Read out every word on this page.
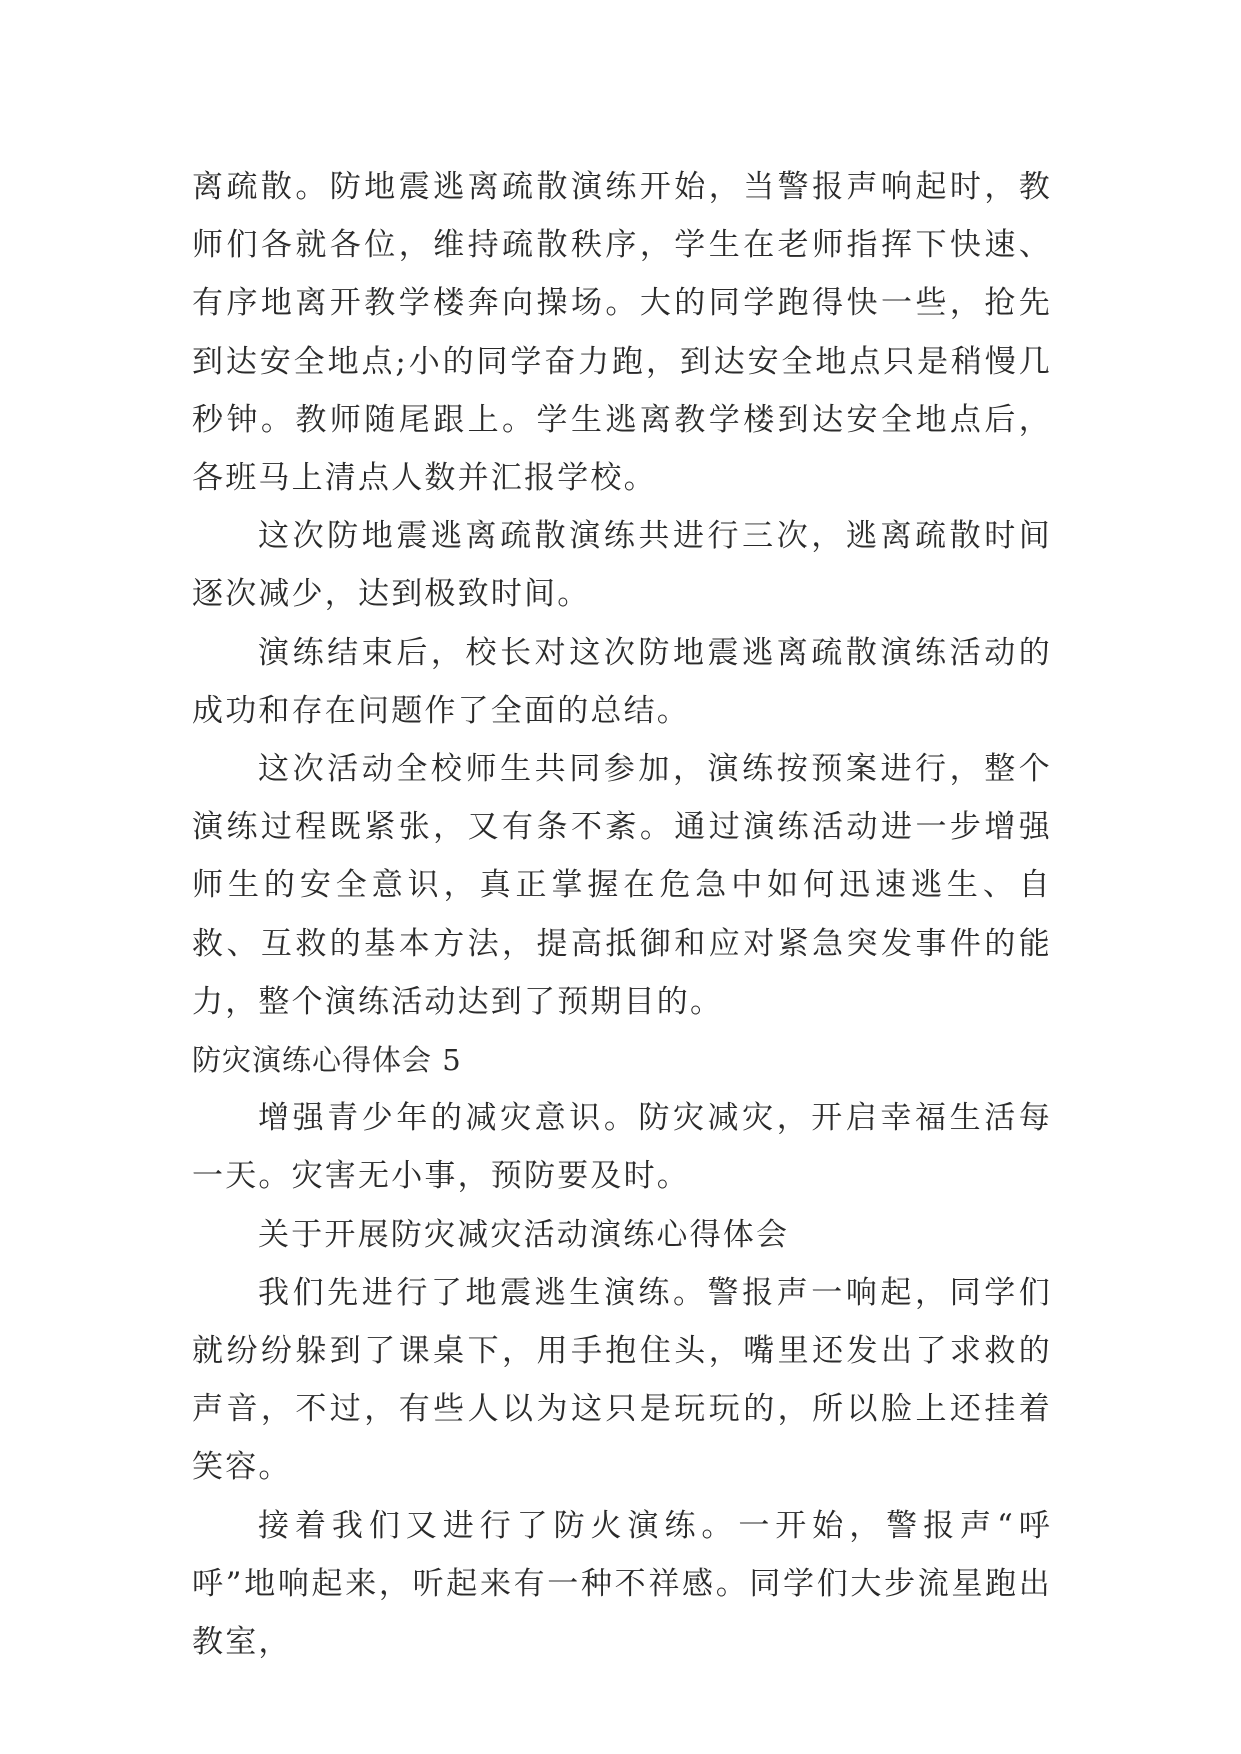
离疏散。防地震逃离疏散演练开始，当警报声响起时，教师们各就各位，维持疏散秩序，学生在老师指挥下快速、有序地离开教学楼奔向操场。大的同学跑得快一些，抢先到达安全地点;小的同学奋力跑，到达安全地点只是稍慢几秒钟。教师随尾跟上。学生逃离教学楼到达安全地点后，各班马上清点人数并汇报学校。

这次防地震逃离疏散演练共进行三次，逃离疏散时间逐次减少，达到极致时间。

演练结束后，校长对这次防地震逃离疏散演练活动的成功和存在问题作了全面的总结。

这次活动全校师生共同参加，演练按预案进行，整个演练过程既紧张，又有条不紊。通过演练活动进一步增强师生的安全意识，真正掌握在危急中如何迅速逃生、自救、互救的基本方法，提高抵御和应对紧急突发事件的能力，整个演练活动达到了预期目的。

防灾演练心得体会 5

增强青少年的减灾意识。防灾减灾，开启幸福生活每一天。灾害无小事，预防要及时。

关于开展防灾减灾活动演练心得体会

我们先进行了地震逃生演练。警报声一响起，同学们就纷纷躲到了课桌下，用手抱住头，嘴里还发出了求救的声音，不过，有些人以为这只是玩玩的，所以脸上还挂着笑容。

接着我们又进行了防火演练。一开始，警报声“呼呼”地响起来，听起来有一种不祥感。同学们大步流星跑出教室，
